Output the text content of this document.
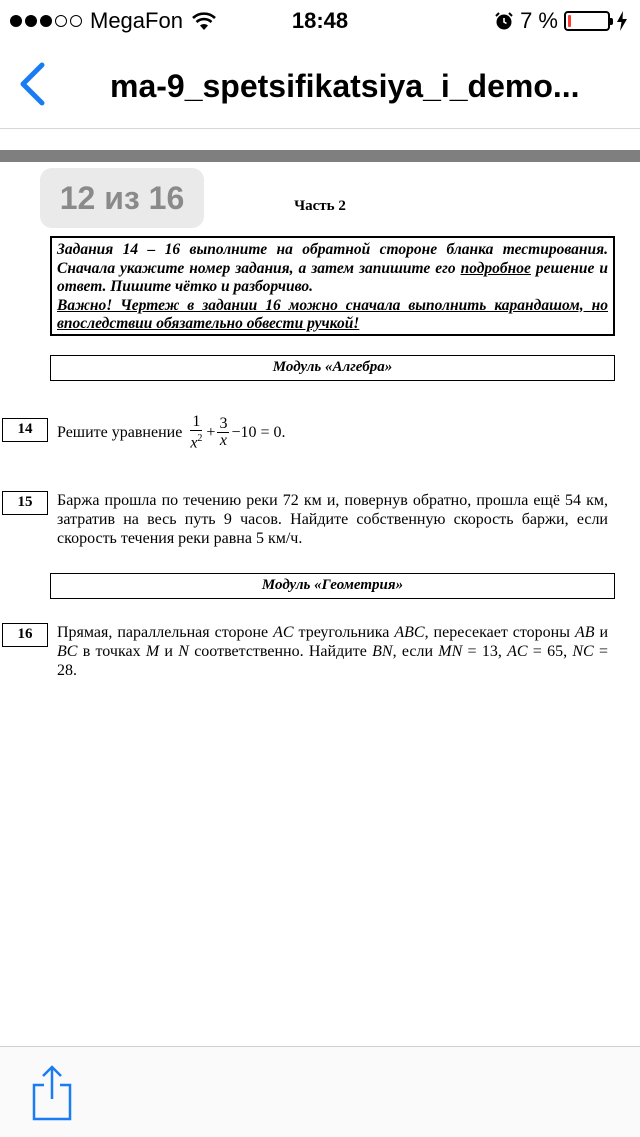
MegaFon	18:48	7 %
ma-9_spetsifikatsiya_i_demo...
12 из 16	Часть 2
Задания 14 – 16 выполните на обратной стороне бланка тестирования. Сначала укажите номер задания, а затем запишите его подробное решение и ответ. Пишите чётко и разборчиво.
Важно! Чертеж в задании 16 можно сначала выполнить карандашом, но впоследствии обязательно обвести ручкой!
Модуль «Алгебра»
14	Решите уравнение $\frac{1}{x^2} + \frac{3}{x} -10 = 0$.
15	Баржа прошла по течению реки 72 км и, повернув обратно, прошла ещё 54 км, затратив на весь путь 9 часов. Найдите собственную скорость баржи, если скорость течения реки равна 5 км/ч.
Модуль «Геометрия»
16	Прямая, параллельная стороне AC треугольника ABC, пересекает стороны AB и BC в точках M и N соответственно. Найдите BN, если MN = 13, AC = 65, NC = 28.
